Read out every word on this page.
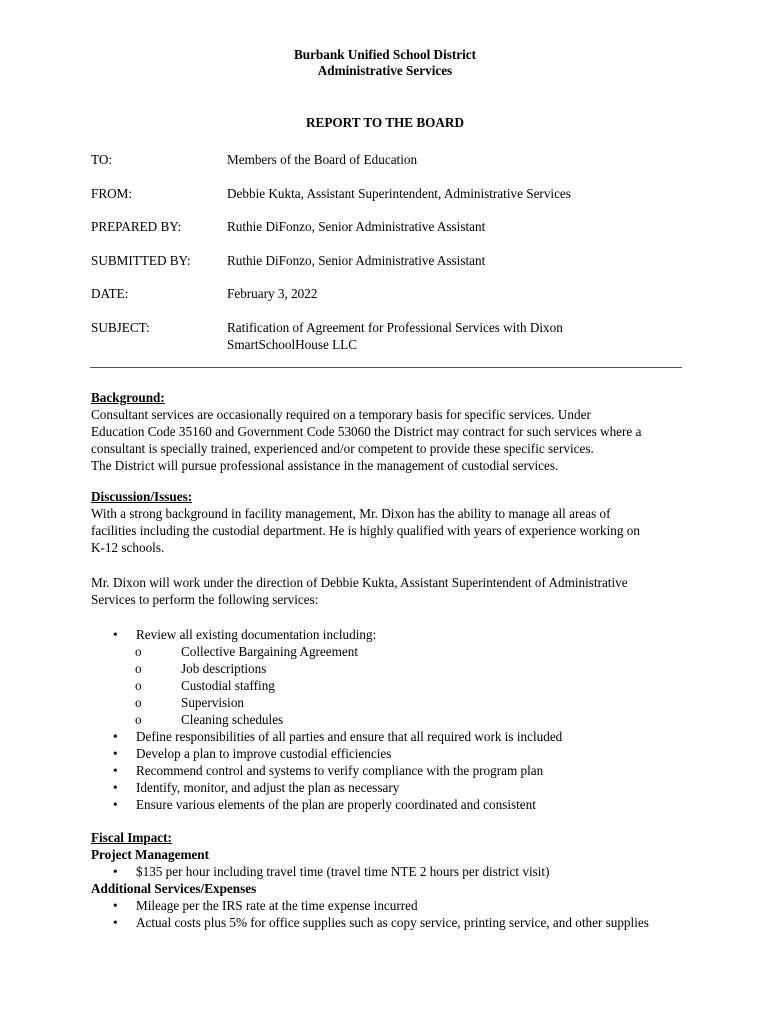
Burbank Unified School District
Administrative Services
REPORT TO THE BOARD
TO:	Members of the Board of Education
FROM:	Debbie Kukta, Assistant Superintendent, Administrative Services
PREPARED BY:	Ruthie DiFonzo, Senior Administrative Assistant
SUBMITTED BY:	Ruthie DiFonzo, Senior Administrative Assistant
DATE:	February 3, 2022
SUBJECT:	Ratification of Agreement for Professional Services with Dixon
SmartSchoolHouse LLC
Background:

Consultant services are occasionally required on a temporary basis for specific services. Under

Education Code 35160 and Government Code 53060 the District may contract for such services where a

consultant is specially trained, experienced and/or competent to provide these specific services.

The District will pursue professional assistance in the management of custodial services.

Discussion/Issues:

With a strong background in facility management, Mr. Dixon has the ability to manage all areas of

facilities including the custodial department. He is highly qualified with years of experience working on

K-12 schools.

Mr. Dixon will work under the direction of Debbie Kukta, Assistant Superintendent of Administrative

Services to perform the following services:

• Review all existing documentation including:
o	Collective Bargaining Agreement
o	Job descriptions
o	Custodial staffing
o	Supervision
o	Cleaning schedules
• Define responsibilities of all parties and ensure that all required work is included
• Develop a plan to improve custodial efficiencies
• Recommend control and systems to verify compliance with the program plan
• Identify, monitor, and adjust the plan as necessary
• Ensure various elements of the plan are properly coordinated and consistent
Fiscal Impact:
Project Management
• $135 per hour including travel time (travel time NTE 2 hours per district visit)
Additional Services/Expenses
• Mileage per the IRS rate at the time expense incurred
• Actual costs plus 5% for office supplies such as copy service, printing service, and other supplies
